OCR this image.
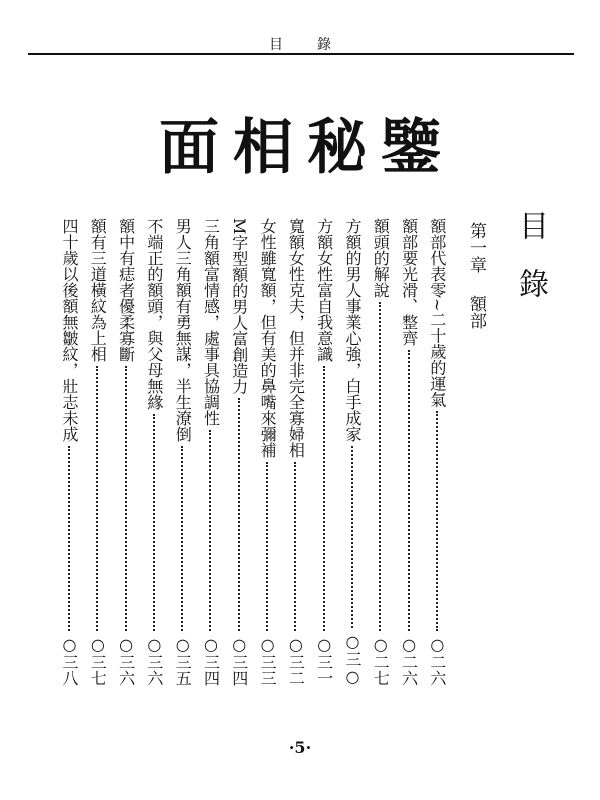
目錄
面相秘鑒
目錄
第一章額部
額部代表零∼二十歲的運氣
○二六
額部要光滑、整齊
○二六
額頭的解說
○二七
方額的男人事業心強，白手成家
○三○
方額女性富自我意識
○三一
寬額女性克夫，但并非完全寡婦相
○三二
女性雖寬額，但有美的鼻嘴來彌補
○三三
M字型額的男人富創造力
○三四
三角額富情感，處事具協調性
○三四
男人三角額有勇無謀，半生潦倒
○三五
不端正的額頭，與父母無緣
○三六
額中有痣者優柔寡斷
○三六
額有三道橫紋為上相
○三七
四十歲以後額無皺紋，壯志未成
○三八
·5·
